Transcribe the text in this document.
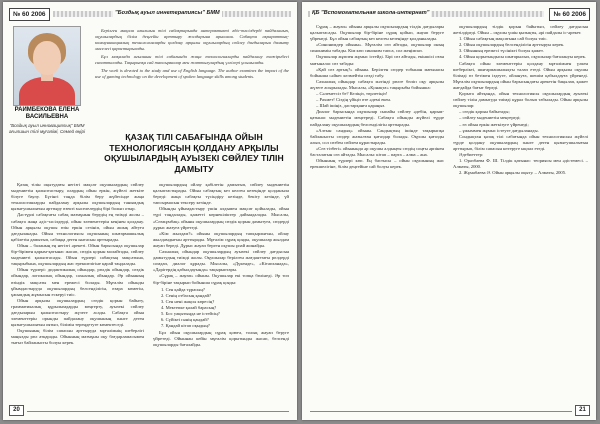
№ 60 2006	"Боздық ауыл иннетерапиясы" БММ
РАИМБЕКОВА ЕЛЕНА ВАСИЛЬЕВНА
"Боздық ауыл инновациялық" БММ ағылшын тілі мұғалімі, Семей өңірі

Берілген мақала ағылшын тілі сабақтарында интерактивті әдіс-тәсілдерді пайдаланып, оқушылардың білім деңгейін арттыру жолдарына арналған. Сабақта ақпараттық-коммуникациялық технологияларды қолдану арқылы оқушылардың сөйлеу дағдыларын дамыту мәселесі қарастырылады.

Бұл мақалада ағылшын тілі сабағында жаңа технологияларды пайдалану тәжірибесі сипатталады. Тақырыпқа сай тапсырмалар мен жаттығулардың үлгілері ұсынылады.

The work is devoted to the study and use of English language. The author examines the impact of the use of gaming technology on the development of spoken language skills among students.

ҚАЗАҚ ТІЛІ САБАҒЫНДА ОЙЫН ТЕХНОЛОГИЯСЫН ҚОЛДАНУ АРҚЫЛЫ ОҚУШЫЛАРДЫҢ АУЫЗЕКІ СӨЙЛЕУ ТІЛІН ДАМЫТУ

Қазақ тілін оқытудағы негізгі мақсат оқушылардың сөйлеу мәдениетін қалыптастыру, олардың ойын еркін, жүйелі жеткізе білуге баулу. Бүгінгі таңда білім беру жүйесінде жаңа технологияларды пайдалану арқылы оқушылардың танымдық қызығушылығын арттыру өзекті мәселелердің бірі болып отыр.

Дәстүрлі сабақтағы сабақ мазмұнын берудің ең тиімді жолы – сабақта жаңа әдіс-тәсілдерді, ойын элементтерін кеңінен қолдану. Ойын арқылы оқушы өзін еркін сезініп, ойын ашық айтуға дағдыланады. Ойын технологиясы оқушының шығармашылық қабілетін дамытып, сабаққа деген ынтасын арттырады.

Ойын – баланың ең негізгі әрекеті. Ойын барысында оқушылар бір-бірімен қарым-қатынас жасап, сөздік қорын молайтады, сөйлеу мәдениеті қалыптасады. Ойын түрлері сабақтың мақсатына, тақырыбына, оқушылардың жас ерекшелігіне қарай таңдалады.

Ойын түрлері: дидактикалық ойындар, рөлдік ойындар, сөздік ойындар, логикалық ойындар, сахналық ойындар. Әр ойынның өзіндік мақсаты мен ережесі болады. Мұғалім ойынды ұйымдастыруда оқушылардың белсенділігін, өзара көмегін, ұжымдық жұмысын ескеруі тиіс.

Ойын арқылы оқушылардың сөздік қорын байыту, грамматикалық құрылымдарды меңгерту, ауызекі сөйлеу дағдыларын қалыптастыру жүзеге асады. Сабақта ойын элементтерін орынды пайдалану оқушының пәнге деген қызығушылығын оятып, білімін тереңдетуге көмектеседі.

Оқушының білім сапасын арттыруда мұғалімнің шеберлігі маңызды рөл атқарады. Ойынның мазмұны оқу бағдарламасымен тығыз байланысты болуы керек.

оқушылардың ойлау қабілетін дамытып, сөйлеу мәдениетін қалыптастырады. Ойын сабақтың кез келген кезеңінде қолданыла береді: жаңа сабақты түсіндіру кезінде, бекіту кезінде, үй тапсырмасын тексеру кезінде.

Ойынды ұйымдастыру үшін алдымен мақсат қойылады, ойын түрі таңдалады, қажетті көрнекіліктер дайындалады. Мысалы, «Сөзжұмбақ» ойыны оқушылардың сөздік қорын дамытуға, сөздерді дұрыс жазуға үйретеді.

«Кім жылдам?» ойыны оқушылардың тапқырлығын, ойлау жылдамдығын арттырады. Мұғалім сұрақ қояды, оқушылар жылдам жауап береді. Дұрыс жауап берген оқушы ұпай жинайды.

Сахналық ойындар оқушылардың ауызекі сөйлеу дағдысын дамытудың тиімді жолы. Оқушылар берілген жағдаяттағы рөлдерді сомдап, диалог құрады. Мысалы, «Дүкенде», «Кітапханада», «Дәрігердің қабылдауында» тақырыптары.

«Сұрақ – жауап» ойыны. Оқушылар екі топқа бөлінеді. Әр топ бір-біріне тақырып бойынша сұрақ қояды:

1. Сен қайда тұрасың?
2. Сенің отбасың қандай?
3. Сен нені жақсы көресің?
4. Мектепке қалай барасың?
5. Бос уақытыңда не істейсің?
6. Сүйікті пәнің қандай?
7. Қандай кітап оқыдың?

Бұл ойын оқушылардың сұрақ қоюға, толық жауап беруге үйретеді. Ойыннан кейін мұғалім қорытынды жасап, белсенді оқушыларды бағалайды.

20
ҚБ "Вспомогательная школа-интернат"	№ 60 2006

Сұрақ – жауап» ойыны арқылы оқушылардың тілдік дағдылары қалыптасады. Оқушылар бір-біріне сұрақ қойып, жауап беруге үйренеді. Бұл ойын сабақтың кез келген кезеңінде қолданылады.

«Синонимдер ойыны». Мұғалім сөз айтады, оқушылар оның синонимін табады. Кім көп синоним тапса, сол жеңімпаз.

Оқушылар жұппен жұмыс істейді. Бірі сөз айтады, екіншісі оған мағыналас сөз табады:

«Қай сөз артық?» ойыны. Берілген сөздер тобынан мағынасы бойынша сәйкес келмейтін сөзді табу.

Сахналық ойындар сабақта мәтінді рөлге бөліп оқу арқылы жүзеге асырылады. Мысалы, «Қонақта» тақырыбы бойынша:

– Сәлеметсіз бе? Келіңіз, төрлетіңіз!

– Рахмет! Сіздің үйіңіз өте әдемі екен.

– Шай ішіңіз, дастарқанға қараңыз.

Диалог барысында оқушылар сыпайы сөйлеу әдебін, қарым-қатынас мәдениетін меңгереді. Сабақта ойынды жүйелі түрде пайдалану оқушылардың белсенділігін арттырады.

«Алтын сандық» ойыны. Сандықтың ішінде тақырыпқа байланысты сөздер жазылған қағаздар болады. Оқушы қағазды алып, сол сөзбен сөйлем құрастырады.

«Сөз тізбегі» ойынында әр оқушы алдыңғы сөздің соңғы әрпінен басталатын сөз айтады. Мысалы: кітап – парта – алма – ана.

Ойынның түрлері көп. Ең бастысы – ойын оқушының жас ерекшелігіне, білім деңгейіне сай болуы керек.

оқушылардың тілдік қорын байытып, сөйлеу дағдысын жетілдіреді. Ойын – оқушы үшін қызықты, әрі пайдалы іс-әрекет.

1. Ойын сабақтың мақсатына сай болуы тиіс.

2. Ойын оқушылардың белсенділігін арттыруы керек.

3. Ойынның ережесі түсінікті болуы қажет.

4. Ойын қорытындысы шығарылып, оқушылар бағалануы керек.

Сабақта ойын элементтерін қолдану мұғалімнен үлкен шеберлікті, шығармашылықты талап етеді. Ойын арқылы оқушы білімді өз бетімен іздеуге, ойлануға, шешім қабылдауға үйренеді. Мұғалім оқушылардың ойын барысындағы әрекетін бақылап, қажет жағдайда бағыт береді.

Қорыта айтқанда, ойын технологиясы оқушылардың ауызекі сөйлеу тілін дамытуда тиімді құрал болып табылады. Ойын арқылы оқушылар:

– сөздік қорын байытады;

– сөйлеу мәдениетін меңгереді;

– өз ойын еркін жеткізуге үйренеді;

– ұжыммен жұмыс істеуге дағдыланады.

Сондықтан қазақ тілі сабағында ойын технологиясын жүйелі түрде қолдану оқушылардың пәнге деген қызығушылығын арттырып, білім сапасын көтеруге ықпал етеді.

Әдебиеттер:

1. Оразбаева Ф. Ш. Тілдік қатынас: теориясы мен әдістемесі. – Алматы, 2000.

2. Жұмабаева Ә. Ойын арқылы оқыту. – Алматы, 2005.

21
